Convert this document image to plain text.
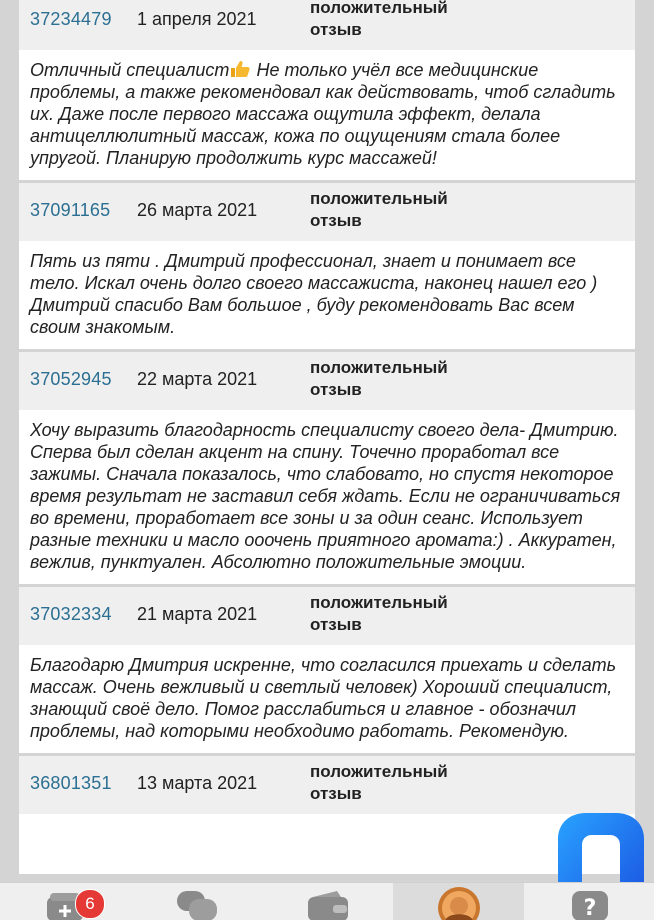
37234479 1 апреля 2021
положительный отзыв
Отличный специалист Не только учёл все медицинские проблемы, а также рекомендовал как действовать, чтоб сгладить их. Даже после первого массажа ощутила эффект, делала антицеллюлитный массаж, кожа по ощущениям стала более упругой. Планирую продолжить курс массажей!
37091165 26 марта 2021
положительный отзыв
Пять из пяти . Дмитрий профессионал, знает и понимает все тело. Искал очень долго своего массажиста, наконец нашел его ) Дмитрий спасибо Вам большое , буду рекомендовать Вас всем своим знакомым.
37052945 22 марта 2021
положительный отзыв
Хочу выразить благодарность специалисту своего дела- Дмитрию. Сперва был сделан акцент на спину. Точечно проработал все зажимы. Сначала показалось, что слабовато, но спустя некоторое время результат не заставил себя ждать. Если не ограничиваться во времени, проработает все зоны и за один сеанс. Использует разные техники и масло ооочень приятного аромата:) . Аккуратен, вежлив, пунктуален. Абсолютно положительные эмоции.
37032334 21 марта 2021
положительный отзыв
Благодарю Дмитрия искренне, что согласился приехать и сделать массаж. Очень вежливый и светлый человек) Хороший специалист, знающий своё дело. Помог расслабиться и главное - обозначил проблемы, над которыми необходимо работать. Рекомендую.
36801351 13 марта 2021
положительный отзыв
6	?
